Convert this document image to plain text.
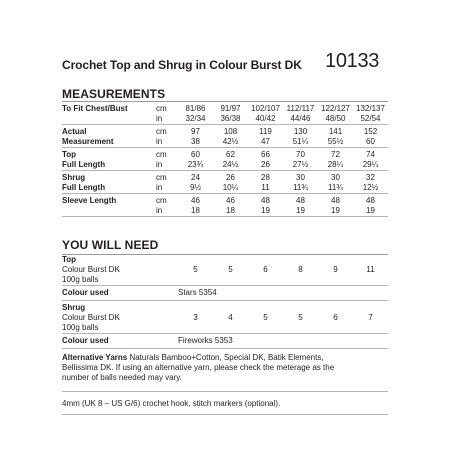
Crochet Top and Shrug in Colour Burst DK 10133
MEASUREMENTS
To Fit Chest/Bust	cm	81/86	91/97	102/107	112/117	122/127	132/137
	in	32/34	36/38	40/42	44/46	48/50	52/54
Actual	cm	97	108	119	130	141	152
Measurement	in	38	42½	47	51¼	55½	60
Top	cm	60	62	66	70	72	74
Full Length	in	23¾	24½	26	27½	28¼	29¼
Shrug	cm	24	26	28	30	30	32
Full Length	in	9½	10¼	11	11¾	11¾	12½
Sleeve Length	cm	46	46	48	48	48	48
	in	18	18	19	19	19	19
YOU WILL NEED
Top						
Colour Burst DK	5	5	6	8	9	11
100g balls						
Colour used	Stars 5354					
Shrug						
Colour Burst DK	3	4	5	5	6	7
100g balls						
Colour used	Fireworks 5353					
Alternative Yarns Naturals Bamboo+Cotton, Special DK, Batik Elements,
Bellissima DK. If using an alternative yarn, please check the meterage as the
number of balls needed may vary.
4mm (UK 8 – US G/6) crochet hook, stitch markers (optional).
